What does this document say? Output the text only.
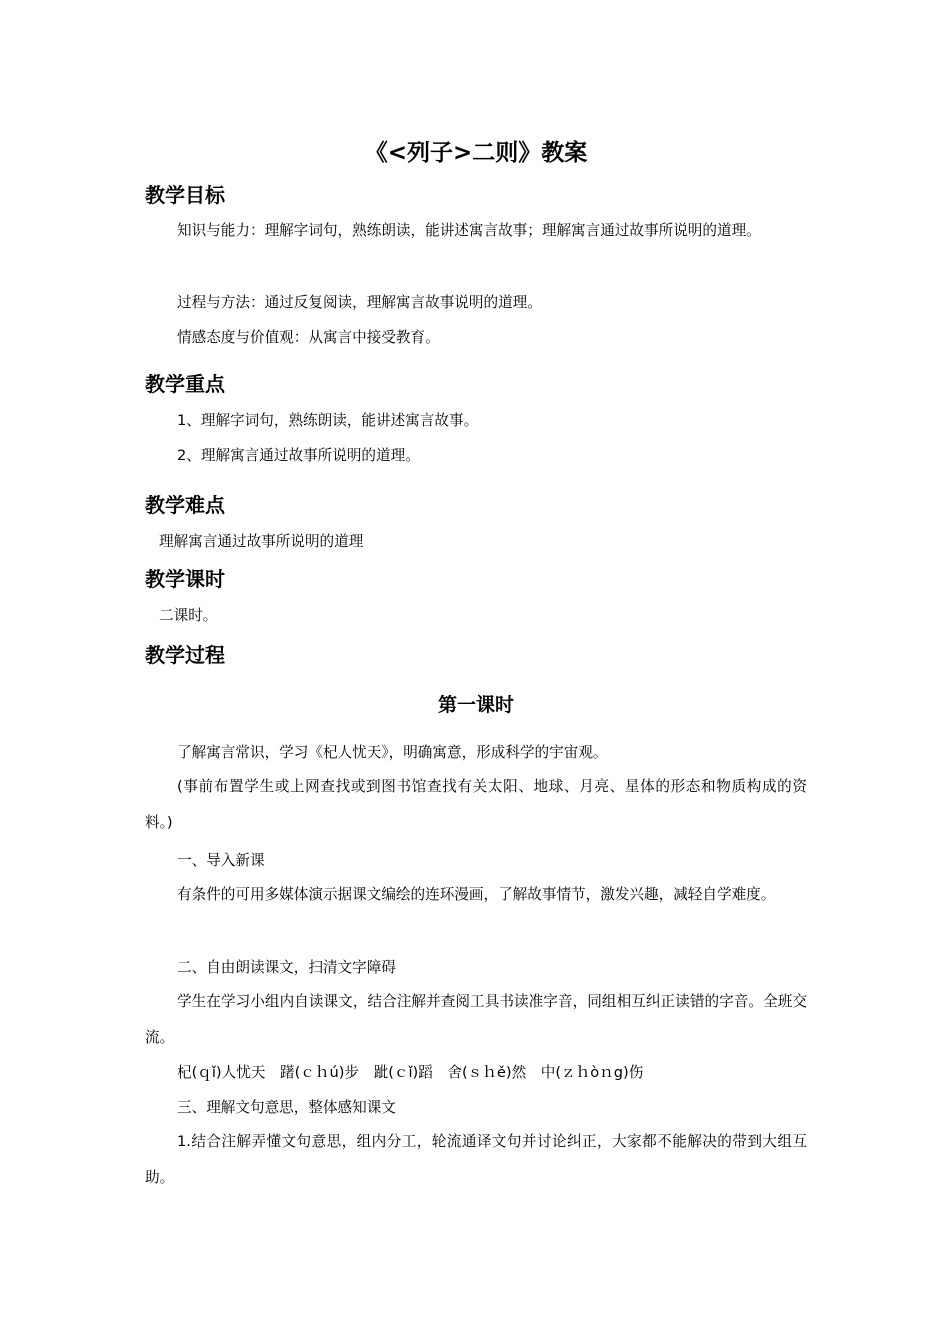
《<列子>二则》教案
教学目标

知识与能力：理解字词句，熟练朗读，能讲述寓言故事；理解寓言通过故事所说明的道理。

过程与方法：通过反复阅读，理解寓言故事说明的道理。

情感态度与价值观：从寓言中接受教育。

教学重点

1、理解字词句，熟练朗读，能讲述寓言故事。

2、理解寓言通过故事所说明的道理。

教学难点

理解寓言通过故事所说明的道理

教学课时

二课时。

教学过程
第一课时

了解寓言常识，学习《杞人忧天》，明确寓意，形成科学的宇宙观。

(事前布置学生或上网查找或到图书馆查找有关太阳、地球、月亮、星体的形态和物质构成的资料。)

一、导入新课

有条件的可用多媒体演示据课文编绘的连环漫画，了解故事情节，激发兴趣，减轻自学难度。

二、自由朗读课文，扫清文字障碍

学生在学习小组内自读课文，结合注解并查阅工具书读准字音，同组相互纠正读错的字音。全班交流。

杞(ｑǐ)人忧天　躇(ｃｈú)步　跐(ｃǐ)蹈　舍(ｓｈě)然　中(ｚｈòｎg)伤

三、理解文句意思，整体感知课文

1.结合注解弄懂文句意思，组内分工，轮流通译文句并讨论纠正，大家都不能解决的带到大组互助。
